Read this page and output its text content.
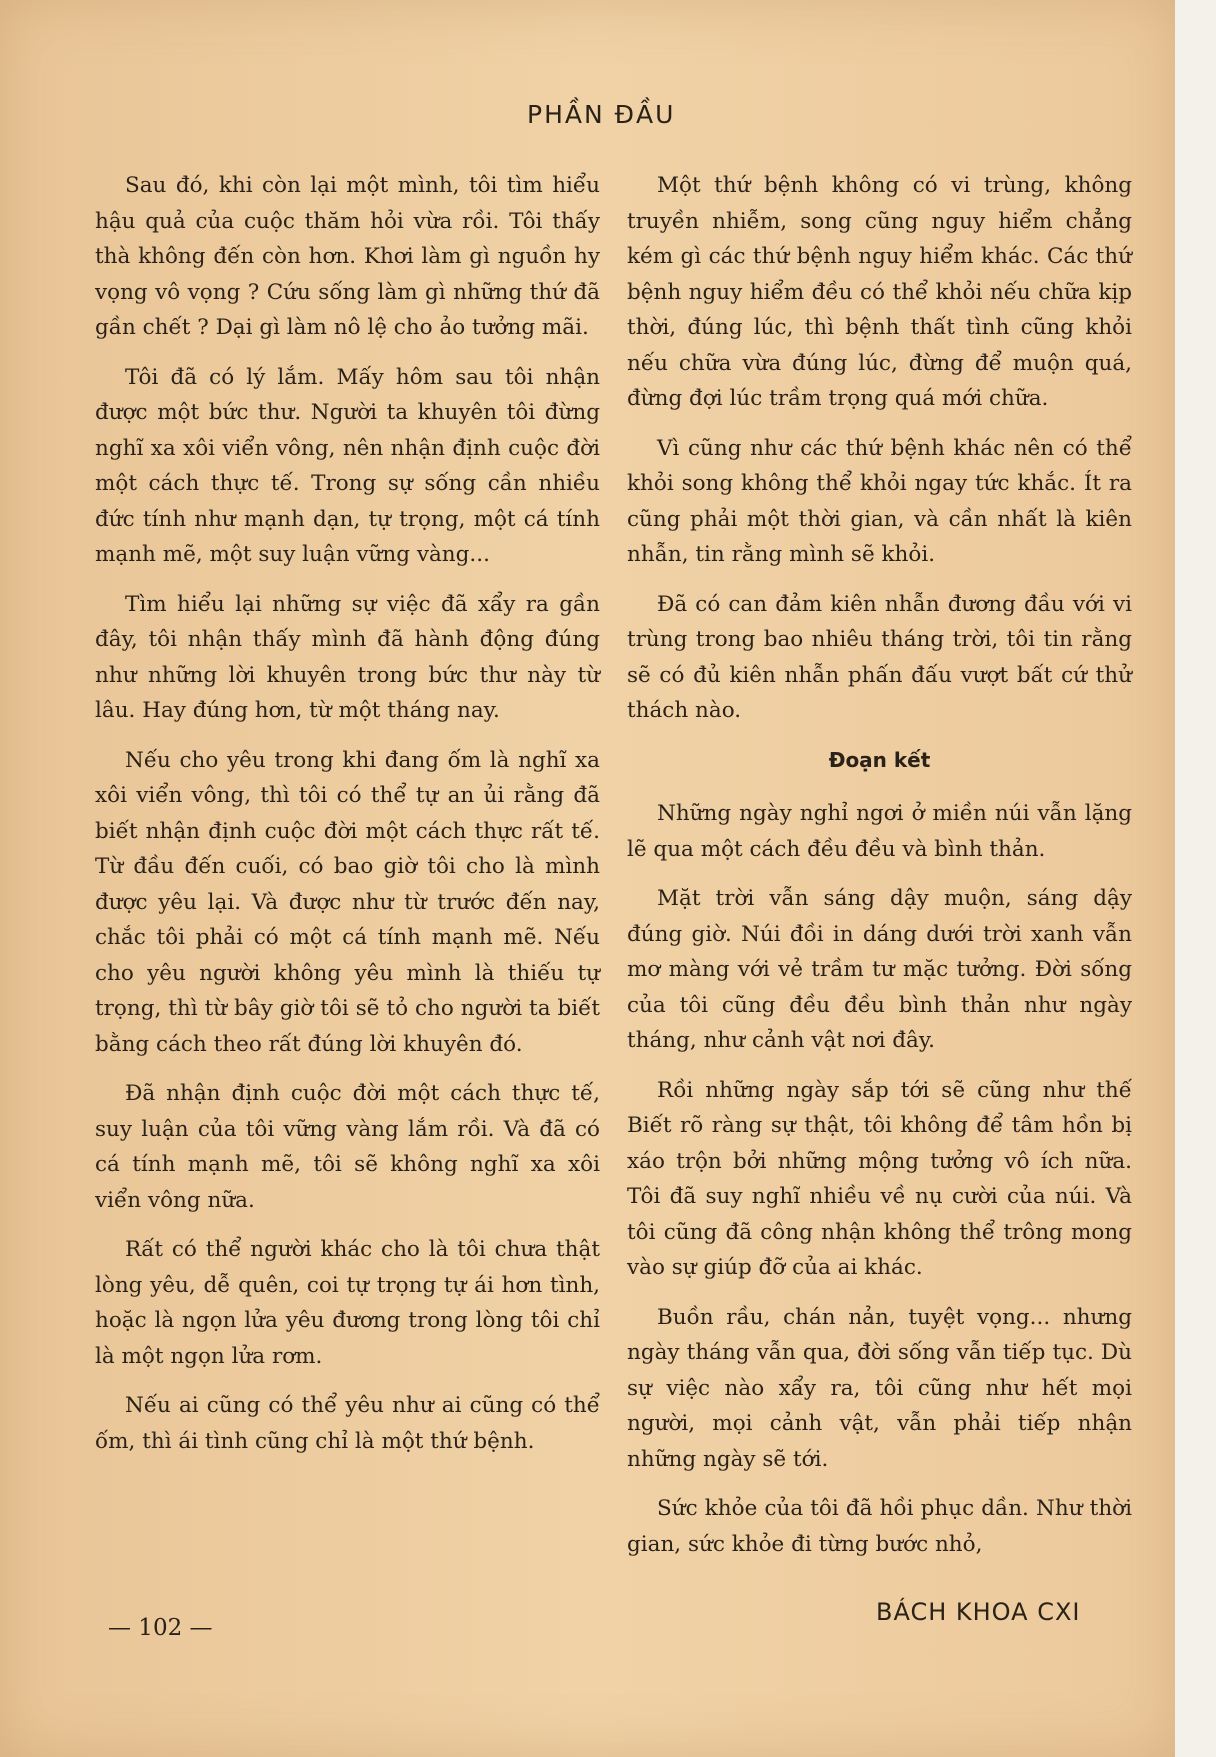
PHẦN ĐẦU

Sau đó, khi còn lại một mình, tôi tìm hiểu hậu quả của cuộc thăm hỏi vừa rồi. Tôi thấy thà không đến còn hơn. Khơi làm gì nguồn hy vọng vô vọng ? Cứu sống làm gì những thứ đã gần chết ? Dại gì làm nô lệ cho ảo tưởng mãi.

Tôi đã có lý lắm. Mấy hôm sau tôi nhận được một bức thư. Người ta khuyên tôi đừng nghĩ xa xôi viển vông, nên nhận định cuộc đời một cách thực tế. Trong sự sống cần nhiều đức tính như mạnh dạn, tự trọng, một cá tính mạnh mẽ, một suy luận vững vàng...

Tìm hiểu lại những sự việc đã xẩy ra gần đây, tôi nhận thấy mình đã hành động đúng như những lời khuyên trong bức thư này từ lâu. Hay đúng hơn, từ một tháng nay.

Nếu cho yêu trong khi đang ốm là nghĩ xa xôi viển vông, thì tôi có thể tự an ủi rằng đã biết nhận định cuộc đời một cách thực rất tế. Từ đầu đến cuối, có bao giờ tôi cho là mình được yêu lại. Và được như từ trước đến nay, chắc tôi phải có một cá tính mạnh mẽ. Nếu cho yêu người không yêu mình là thiếu tự trọng, thì từ bây giờ tôi sẽ tỏ cho người ta biết bằng cách theo rất đúng lời khuyên đó.

Đã nhận định cuộc đời một cách thực tế, suy luận của tôi vững vàng lắm rồi. Và đã có cá tính mạnh mẽ, tôi sẽ không nghĩ xa xôi viển vông nữa.

Rất có thể người khác cho là tôi chưa thật lòng yêu, dễ quên, coi tự trọng tự ái hơn tình, hoặc là ngọn lửa yêu đương trong lòng tôi chỉ là một ngọn lửa rơm.

Nếu ai cũng có thể yêu như ai cũng có thể ốm, thì ái tình cũng chỉ là một thứ bệnh.

Một thứ bệnh không có vi trùng, không truyền nhiễm, song cũng nguy hiểm chẳng kém gì các thứ bệnh nguy hiểm khác. Các thứ bệnh nguy hiểm đều có thể khỏi nếu chữa kịp thời, đúng lúc, thì bệnh thất tình cũng khỏi nếu chữa vừa đúng lúc, đừng để muộn quá, đừng đợi lúc trầm trọng quá mới chữa.

Vì cũng như các thứ bệnh khác nên có thể khỏi song không thể khỏi ngay tức khắc. Ít ra cũng phải một thời gian, và cần nhất là kiên nhẫn, tin rằng mình sẽ khỏi.

Đã có can đảm kiên nhẫn đương đầu với vi trùng trong bao nhiêu tháng trời, tôi tin rằng sẽ có đủ kiên nhẫn phấn đấu vượt bất cứ thử thách nào.

Đoạn kết

Những ngày nghỉ ngơi ở miền núi vẫn lặng lẽ qua một cách đều đều và bình thản.

Mặt trời vẫn sáng dậy muộn, sáng dậy đúng giờ. Núi đồi in dáng dưới trời xanh vẫn mơ màng với vẻ trầm tư mặc tưởng. Đời sống của tôi cũng đều đều bình thản như ngày tháng, như cảnh vật nơi đây.

Rồi những ngày sắp tới sẽ cũng như thế Biết rõ ràng sự thật, tôi không để tâm hồn bị xáo trộn bởi những mộng tưởng vô ích nữa. Tôi đã suy nghĩ nhiều về nụ cười của núi. Và tôi cũng đã công nhận không thể trông mong vào sự giúp đỡ của ai khác.

Buồn rầu, chán nản, tuyệt vọng... nhưng ngày tháng vẫn qua, đời sống vẫn tiếp tục. Dù sự việc nào xẩy ra, tôi cũng như hết mọi người, mọi cảnh vật, vẫn phải tiếp nhận những ngày sẽ tới.

Sức khỏe của tôi đã hồi phục dần. Như thời gian, sức khỏe đi từng bước nhỏ,

— 102 —
BÁCH KHOA CXI
